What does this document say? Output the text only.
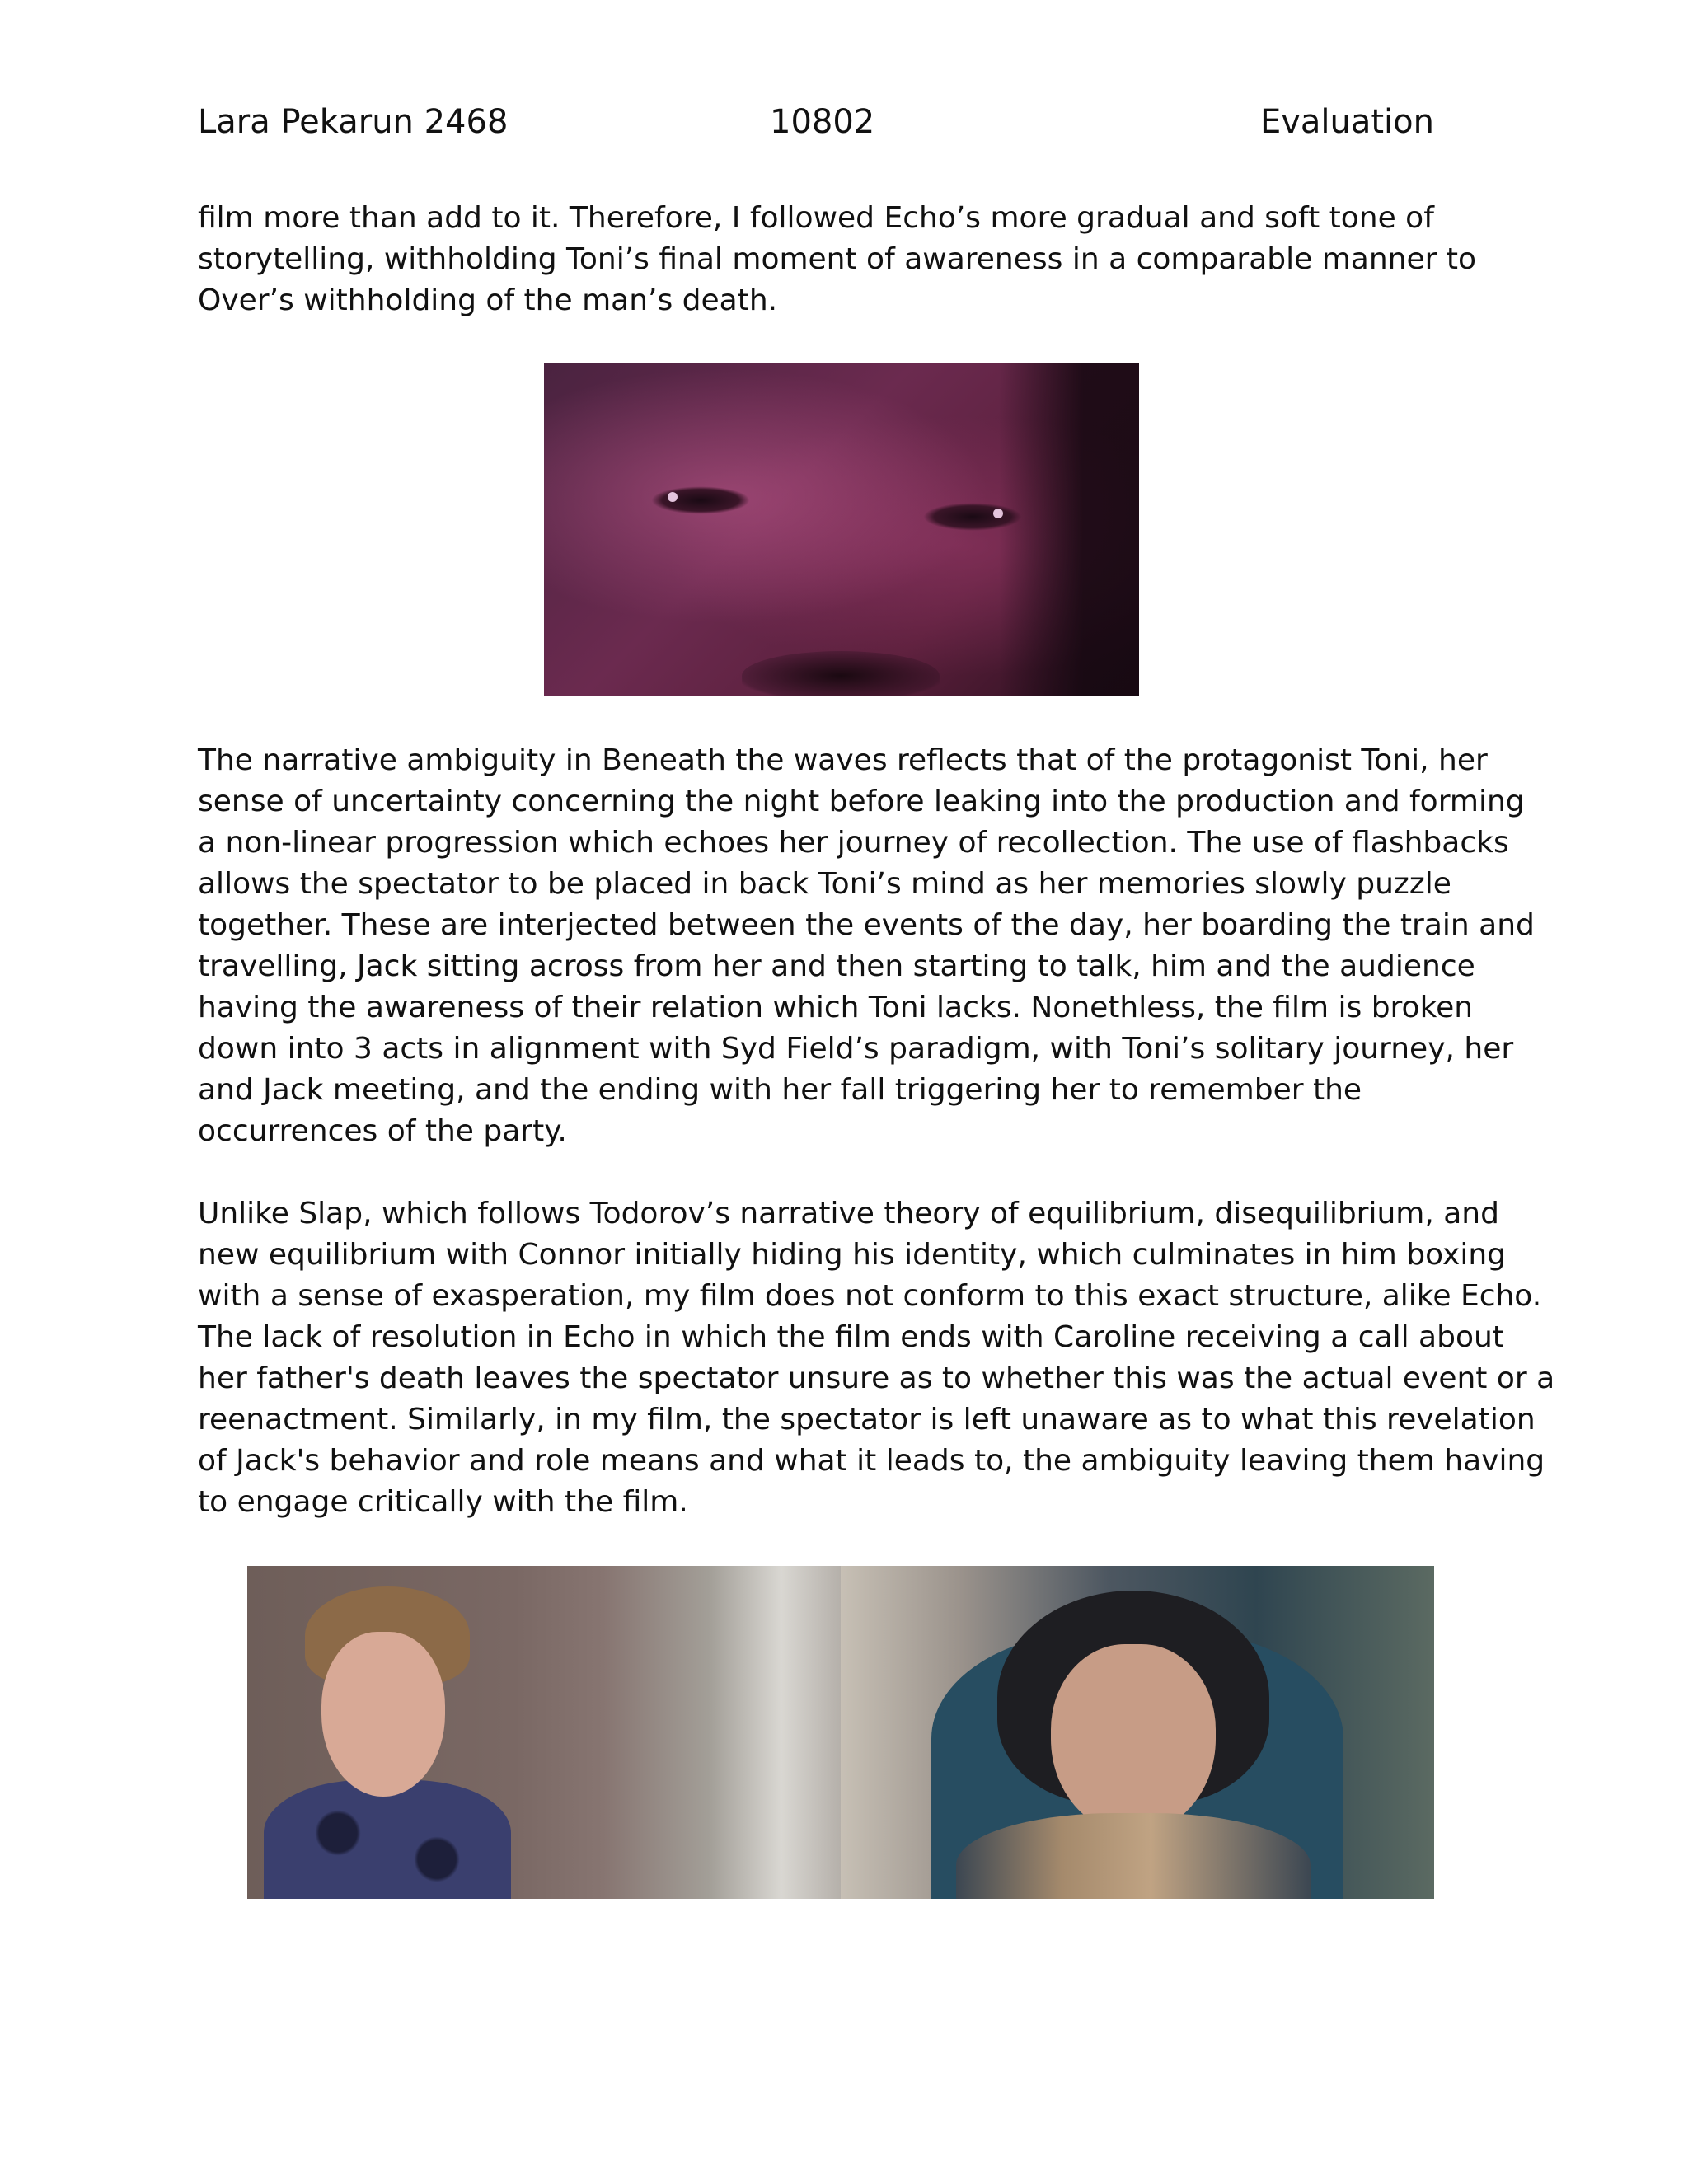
Lara Pekarun 2468	10802	Evaluation

film more than add to it. Therefore, I followed Echo’s more gradual and soft tone of
storytelling, withholding Toni’s final moment of awareness in a comparable manner to
Over’s withholding of the man’s death.

The narrative ambiguity in Beneath the waves reflects that of the protagonist Toni, her
sense of uncertainty concerning the night before leaking into the production and forming
a non-linear progression which echoes her journey of recollection. The use of flashbacks
allows the spectator to be placed in back Toni’s mind as her memories slowly puzzle
together. These are interjected between the events of the day, her boarding the train and
travelling, Jack sitting across from her and then starting to talk, him and the audience
having the awareness of their relation which Toni lacks. Nonethless, the film is broken
down into 3 acts in alignment with Syd Field’s paradigm, with Toni’s solitary journey, her
and Jack meeting, and the ending with her fall triggering her to remember the
occurrences of the party.

Unlike Slap, which follows Todorov’s narrative theory of equilibrium, disequilibrium, and
new equilibrium with Connor initially hiding his identity, which culminates in him boxing
with a sense of exasperation, my film does not conform to this exact structure, alike Echo.
The lack of resolution in Echo in which the film ends with Caroline receiving a call about
her father's death leaves the spectator unsure as to whether this was the actual event or a
reenactment. Similarly, in my film, the spectator is left unaware as to what this revelation
of Jack's behavior and role means and what it leads to, the ambiguity leaving them having
to engage critically with the film.
